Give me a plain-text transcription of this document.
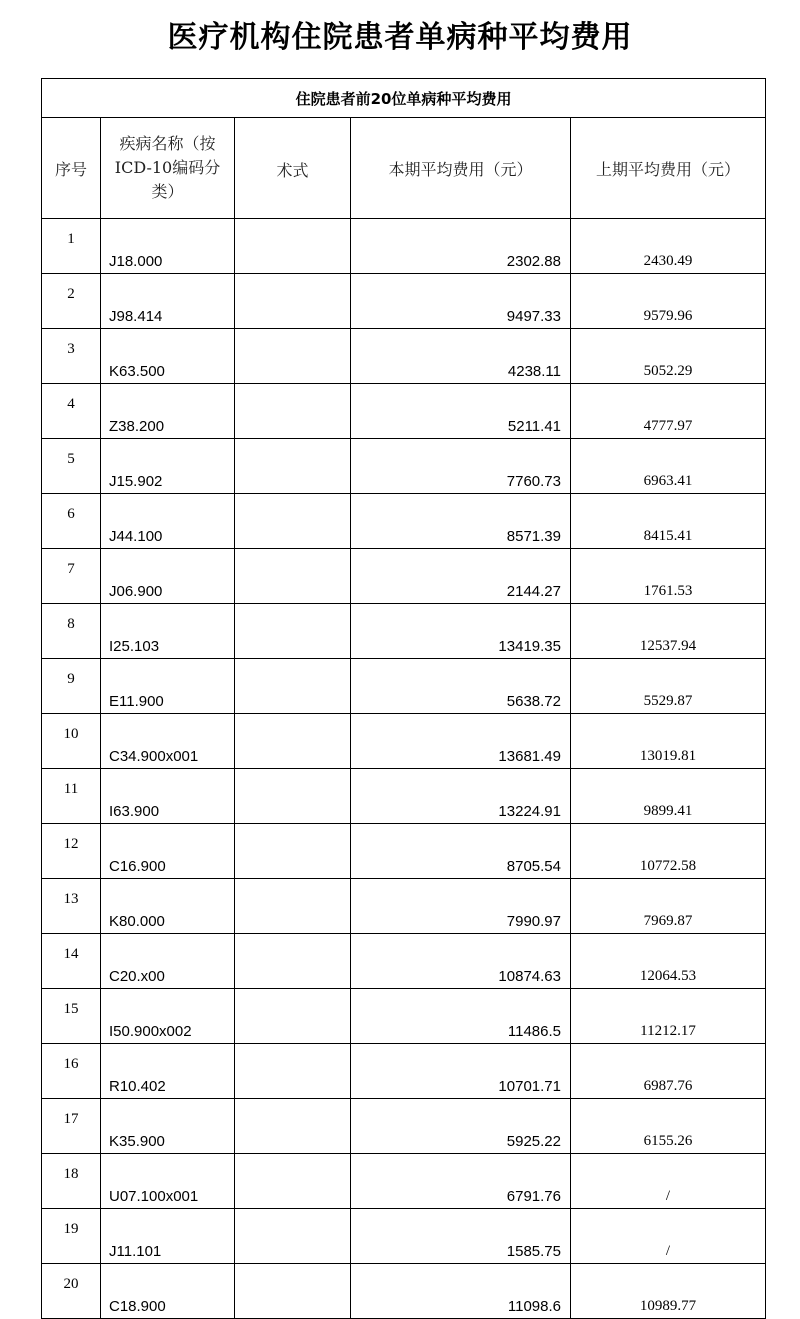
医疗机构住院患者单病种平均费用
住院患者前20位单病种平均费用				
序号	疾病名称（按ICD-10编码分类）	术式	本期平均费用（元）	上期平均费用（元）
1	J18.000		2302.88	2430.49
2	J98.414		9497.33	9579.96
3	K63.500		4238.11	5052.29
4	Z38.200		5211.41	4777.97
5	J15.902		7760.73	6963.41
6	J44.100		8571.39	8415.41
7	J06.900		2144.27	1761.53
8	I25.103		13419.35	12537.94
9	E11.900		5638.72	5529.87
10	C34.900x001		13681.49	13019.81
11	I63.900		13224.91	9899.41
12	C16.900		8705.54	10772.58
13	K80.000		7990.97	7969.87
14	C20.x00		10874.63	12064.53
15	I50.900x002		11486.5	11212.17
16	R10.402		10701.71	6987.76
17	K35.900		5925.22	6155.26
18	U07.100x001		6791.76	/
19	J11.101		1585.75	/
20	C18.900		11098.6	10989.77
